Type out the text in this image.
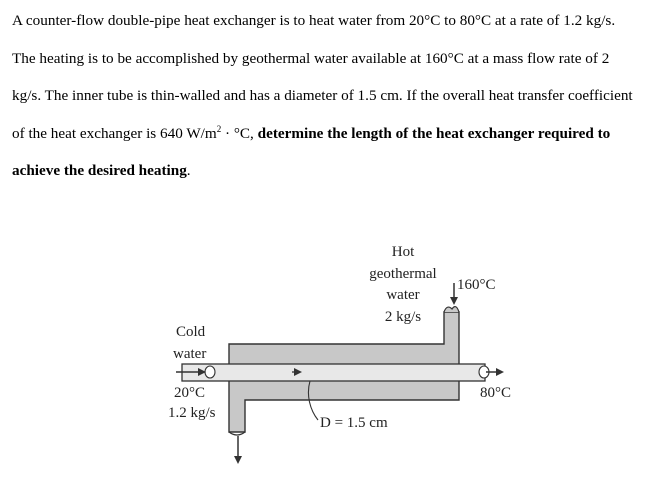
A counter-flow double-pipe heat exchanger is to heat water from 20°C to 80°C at a rate of 1.2 kg/s. The heating is to be accomplished by geothermal water available at 160°C at a mass flow rate of 2 kg/s. The inner tube is thin-walled and has a diameter of 1.5 cm. If the overall heat transfer coefficient of the heat exchanger is 640 $W/m^2 \cdot ^\circ C$, determine the length of the heat exchanger required to achieve the desired heating.

Hot
geothermal
water
2 kg/s
160°C
Cold
water
20°C
1.2 kg/s
80°C
D = 1.5 cm
